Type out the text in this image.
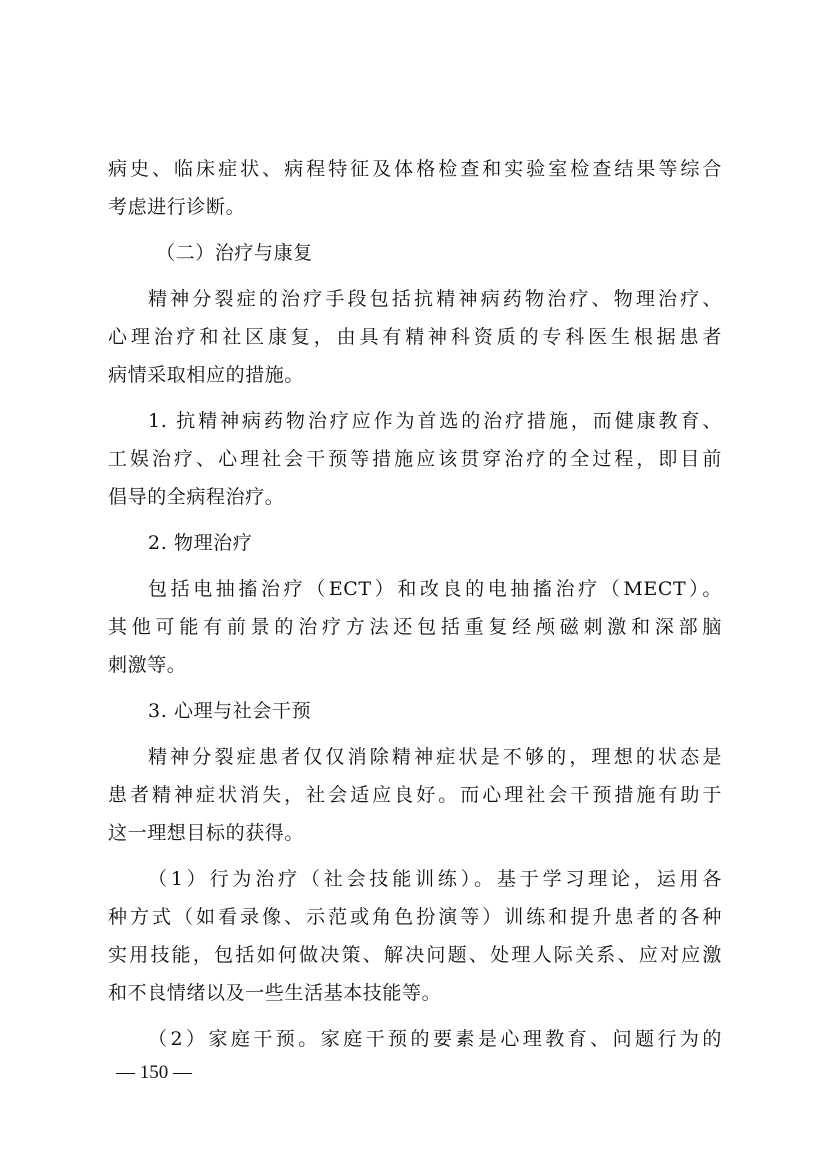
病史、临床症状、病程特征及体格检查和实验室检查结果等综合
考虑进行诊断。
（二）治疗与康复
精神分裂症的治疗手段包括抗精神病药物治疗、物理治疗、
心理治疗和社区康复，由具有精神科资质的专科医生根据患者
病情采取相应的措施。
1. 抗精神病药物治疗应作为首选的治疗措施，而健康教育、
工娱治疗、心理社会干预等措施应该贯穿治疗的全过程，即目前
倡导的全病程治疗。
2. 物理治疗
包括电抽搐治疗（ECT）和改良的电抽搐治疗（MECT）。
其他可能有前景的治疗方法还包括重复经颅磁刺激和深部脑
刺激等。
3. 心理与社会干预
精神分裂症患者仅仅消除精神症状是不够的，理想的状态是
患者精神症状消失，社会适应良好。而心理社会干预措施有助于
这一理想目标的获得。
（1）行为治疗（社会技能训练）。基于学习理论，运用各
种方式（如看录像、示范或角色扮演等）训练和提升患者的各种
实用技能，包括如何做决策、解决问题、处理人际关系、应对应激
和不良情绪以及一些生活基本技能等。
（2）家庭干预。家庭干预的要素是心理教育、问题行为的
— 150 —
